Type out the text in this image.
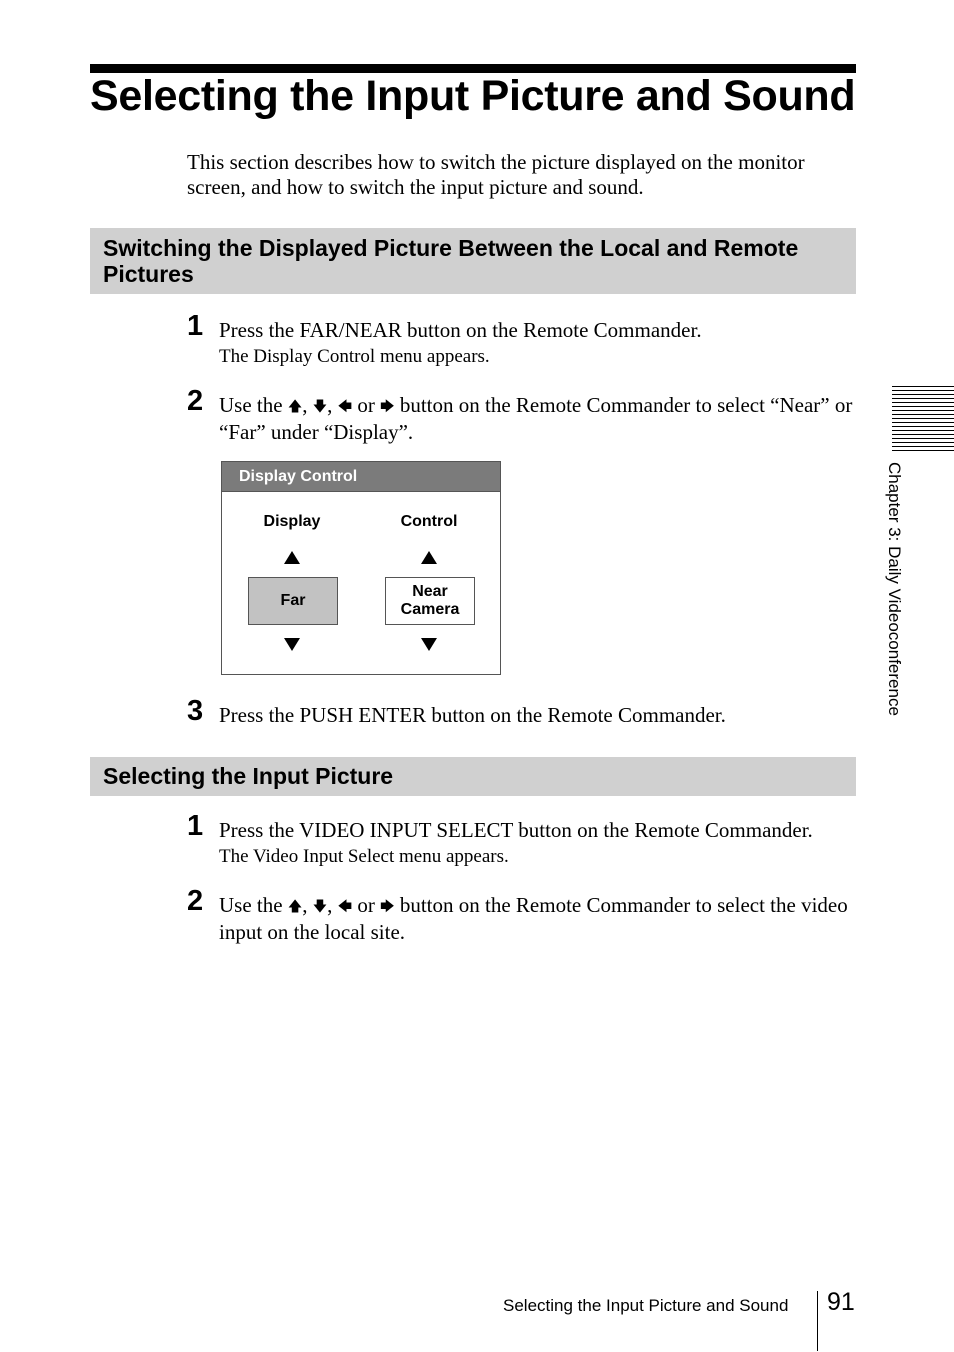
Selecting the Input Picture and Sound
This section describes how to switch the picture displayed on the monitor screen, and how to switch the input picture and sound.
Switching the Displayed Picture Between the Local and Remote
Pictures
1 Press the FAR/NEAR button on the Remote Commander.
The Display Control menu appears.
2 Use the 🡅, 🡇, 🡄 or 🡆 button on the Remote Commander to select “Near” or “Far” under “Display”.
Display Control
Display	Control
Far
Near
Camera
3 Press the PUSH ENTER button on the Remote Commander.
Selecting the Input Picture
1 Press the VIDEO INPUT SELECT button on the Remote Commander.
The Video Input Select menu appears.
2 Use the 🡅, 🡇, 🡄 or 🡆 button on the Remote Commander to select the video input on the local site.
Chapter 3: Daily Videoconference
Selecting the Input Picture and Sound 91
